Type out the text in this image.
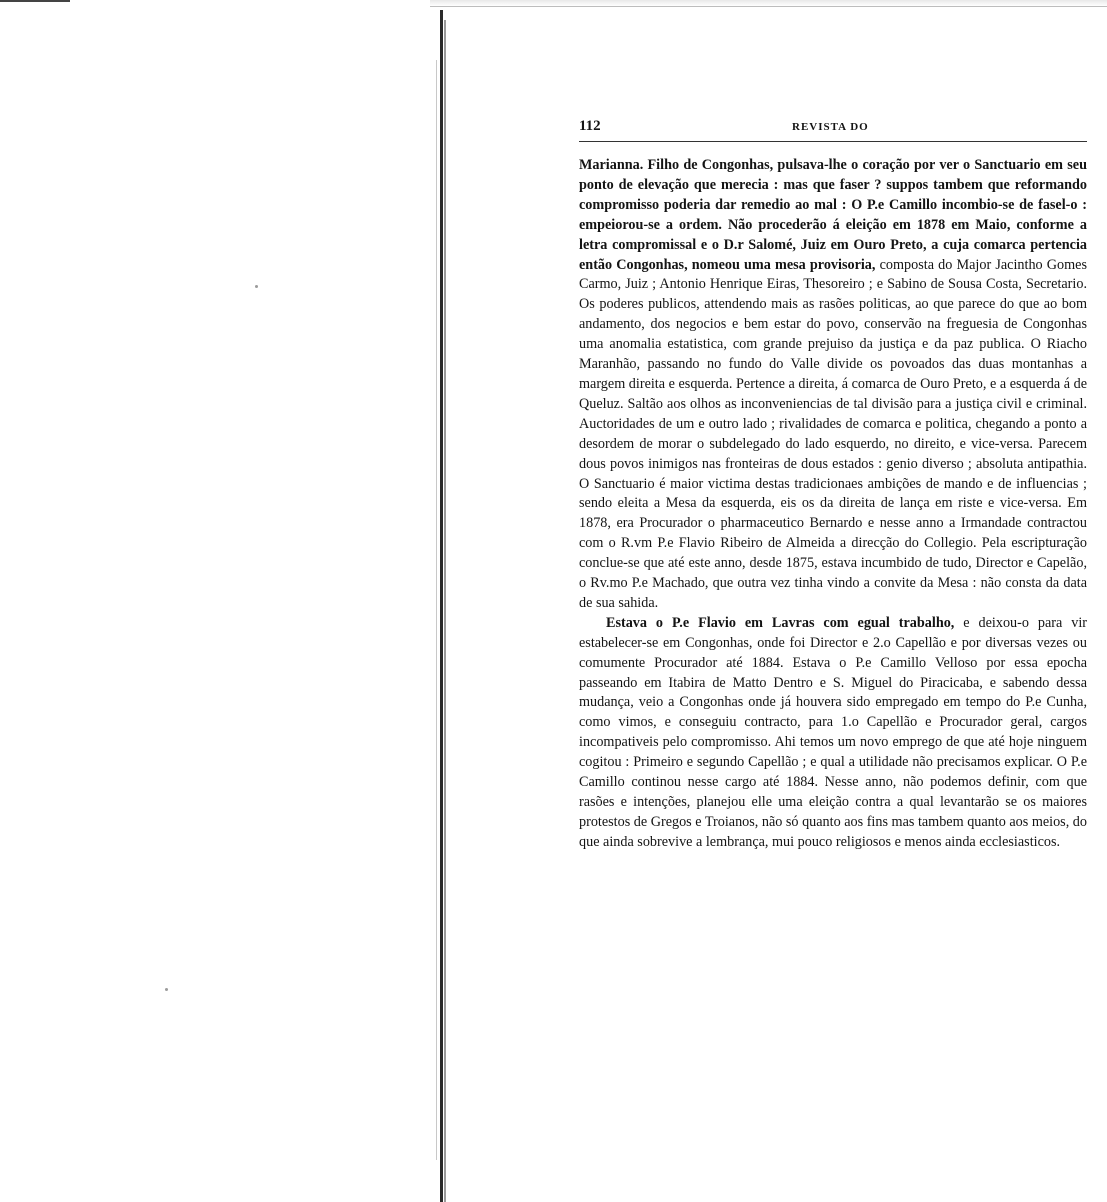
112	REVISTA DO

Marianna. Filho de Congonhas, pulsava-lhe o coração por ver o Sanctuario em seu ponto de elevação que merecia : mas que faser ? suppos tambem que reformando compromisso poderia dar remedio ao mal : O P.e Camillo incombio-se de fasel-o : empeiorou-se a ordem. Não procederão á eleição em 1878 em Maio, conforme a letra compromissal e o D.r Salomé, Juiz em Ouro Preto, a cuja comarca pertencia então Congonhas, nomeou uma mesa provisoria, composta do Major Jacintho Gomes Carmo, Juiz ; Antonio Henrique Eiras, Thesoreiro ; e Sabino de Sousa Costa, Secretario. Os poderes publicos, attendendo mais as rasões politicas, ao que parece do que ao bom andamento, dos negocios e bem estar do povo, conservão na freguesia de Congonhas uma anomalia estatistica, com grande prejuiso da justiça e da paz publica. O Riacho Maranhão, passando no fundo do Valle divide os povoados das duas montanhas a margem direita e esquerda. Pertence a direita, á comarca de Ouro Preto, e a esquerda á de Queluz. Saltão aos olhos as inconveniencias de tal divisão para a justiça civil e criminal. Auctoridades de um e outro lado ; rivalidades de comarca e politica, chegando a ponto a desordem de morar o subdelegado do lado esquerdo, no direito, e vice-versa. Parecem dous povos inimigos nas fronteiras de dous estados : genio diverso ; absoluta antipathia. O Sanctuario é maior victima destas tradicionaes ambições de mando e de influencias ; sendo eleita a Mesa da esquerda, eis os da direita de lança em riste e vice-versa. Em 1878, era Procurador o pharmaceutico Bernardo e nesse anno a Irmandade contractou com o R.vm P.e Flavio Ribeiro de Almeida a direcção do Collegio. Pela escripturação conclue-se que até este anno, desde 1875, estava incumbido de tudo, Director e Capelão, o Rv.mo P.e Machado, que outra vez tinha vindo a convite da Mesa : não consta da data de sua sahida.

Estava o P.e Flavio em Lavras com egual trabalho, e deixou-o para vir estabelecer-se em Congonhas, onde foi Director e 2.o Capellão e por diversas vezes ou comumente Procurador até 1884. Estava o P.e Camillo Velloso por essa epocha passeando em Itabira de Matto Dentro e S. Miguel do Piracicaba, e sabendo dessa mudança, veio a Congonhas onde já houvera sido empregado em tempo do P.e Cunha, como vimos, e conseguiu contracto, para 1.o Capellão e Procurador geral, cargos incompativeis pelo compromisso. Ahi temos um novo emprego de que até hoje ninguem cogitou : Primeiro e segundo Capellão ; e qual a utilidade não precisamos explicar. O P.e Camillo continou nesse cargo até 1884. Nesse anno, não podemos definir, com que rasões e intenções, planejou elle uma eleição contra a qual levantarão se os maiores protestos de Gregos e Troianos, não só quanto aos fins mas tambem quanto aos meios, do que ainda sobrevive a lembrança, mui pouco religiosos e menos ainda ecclesiasticos.
